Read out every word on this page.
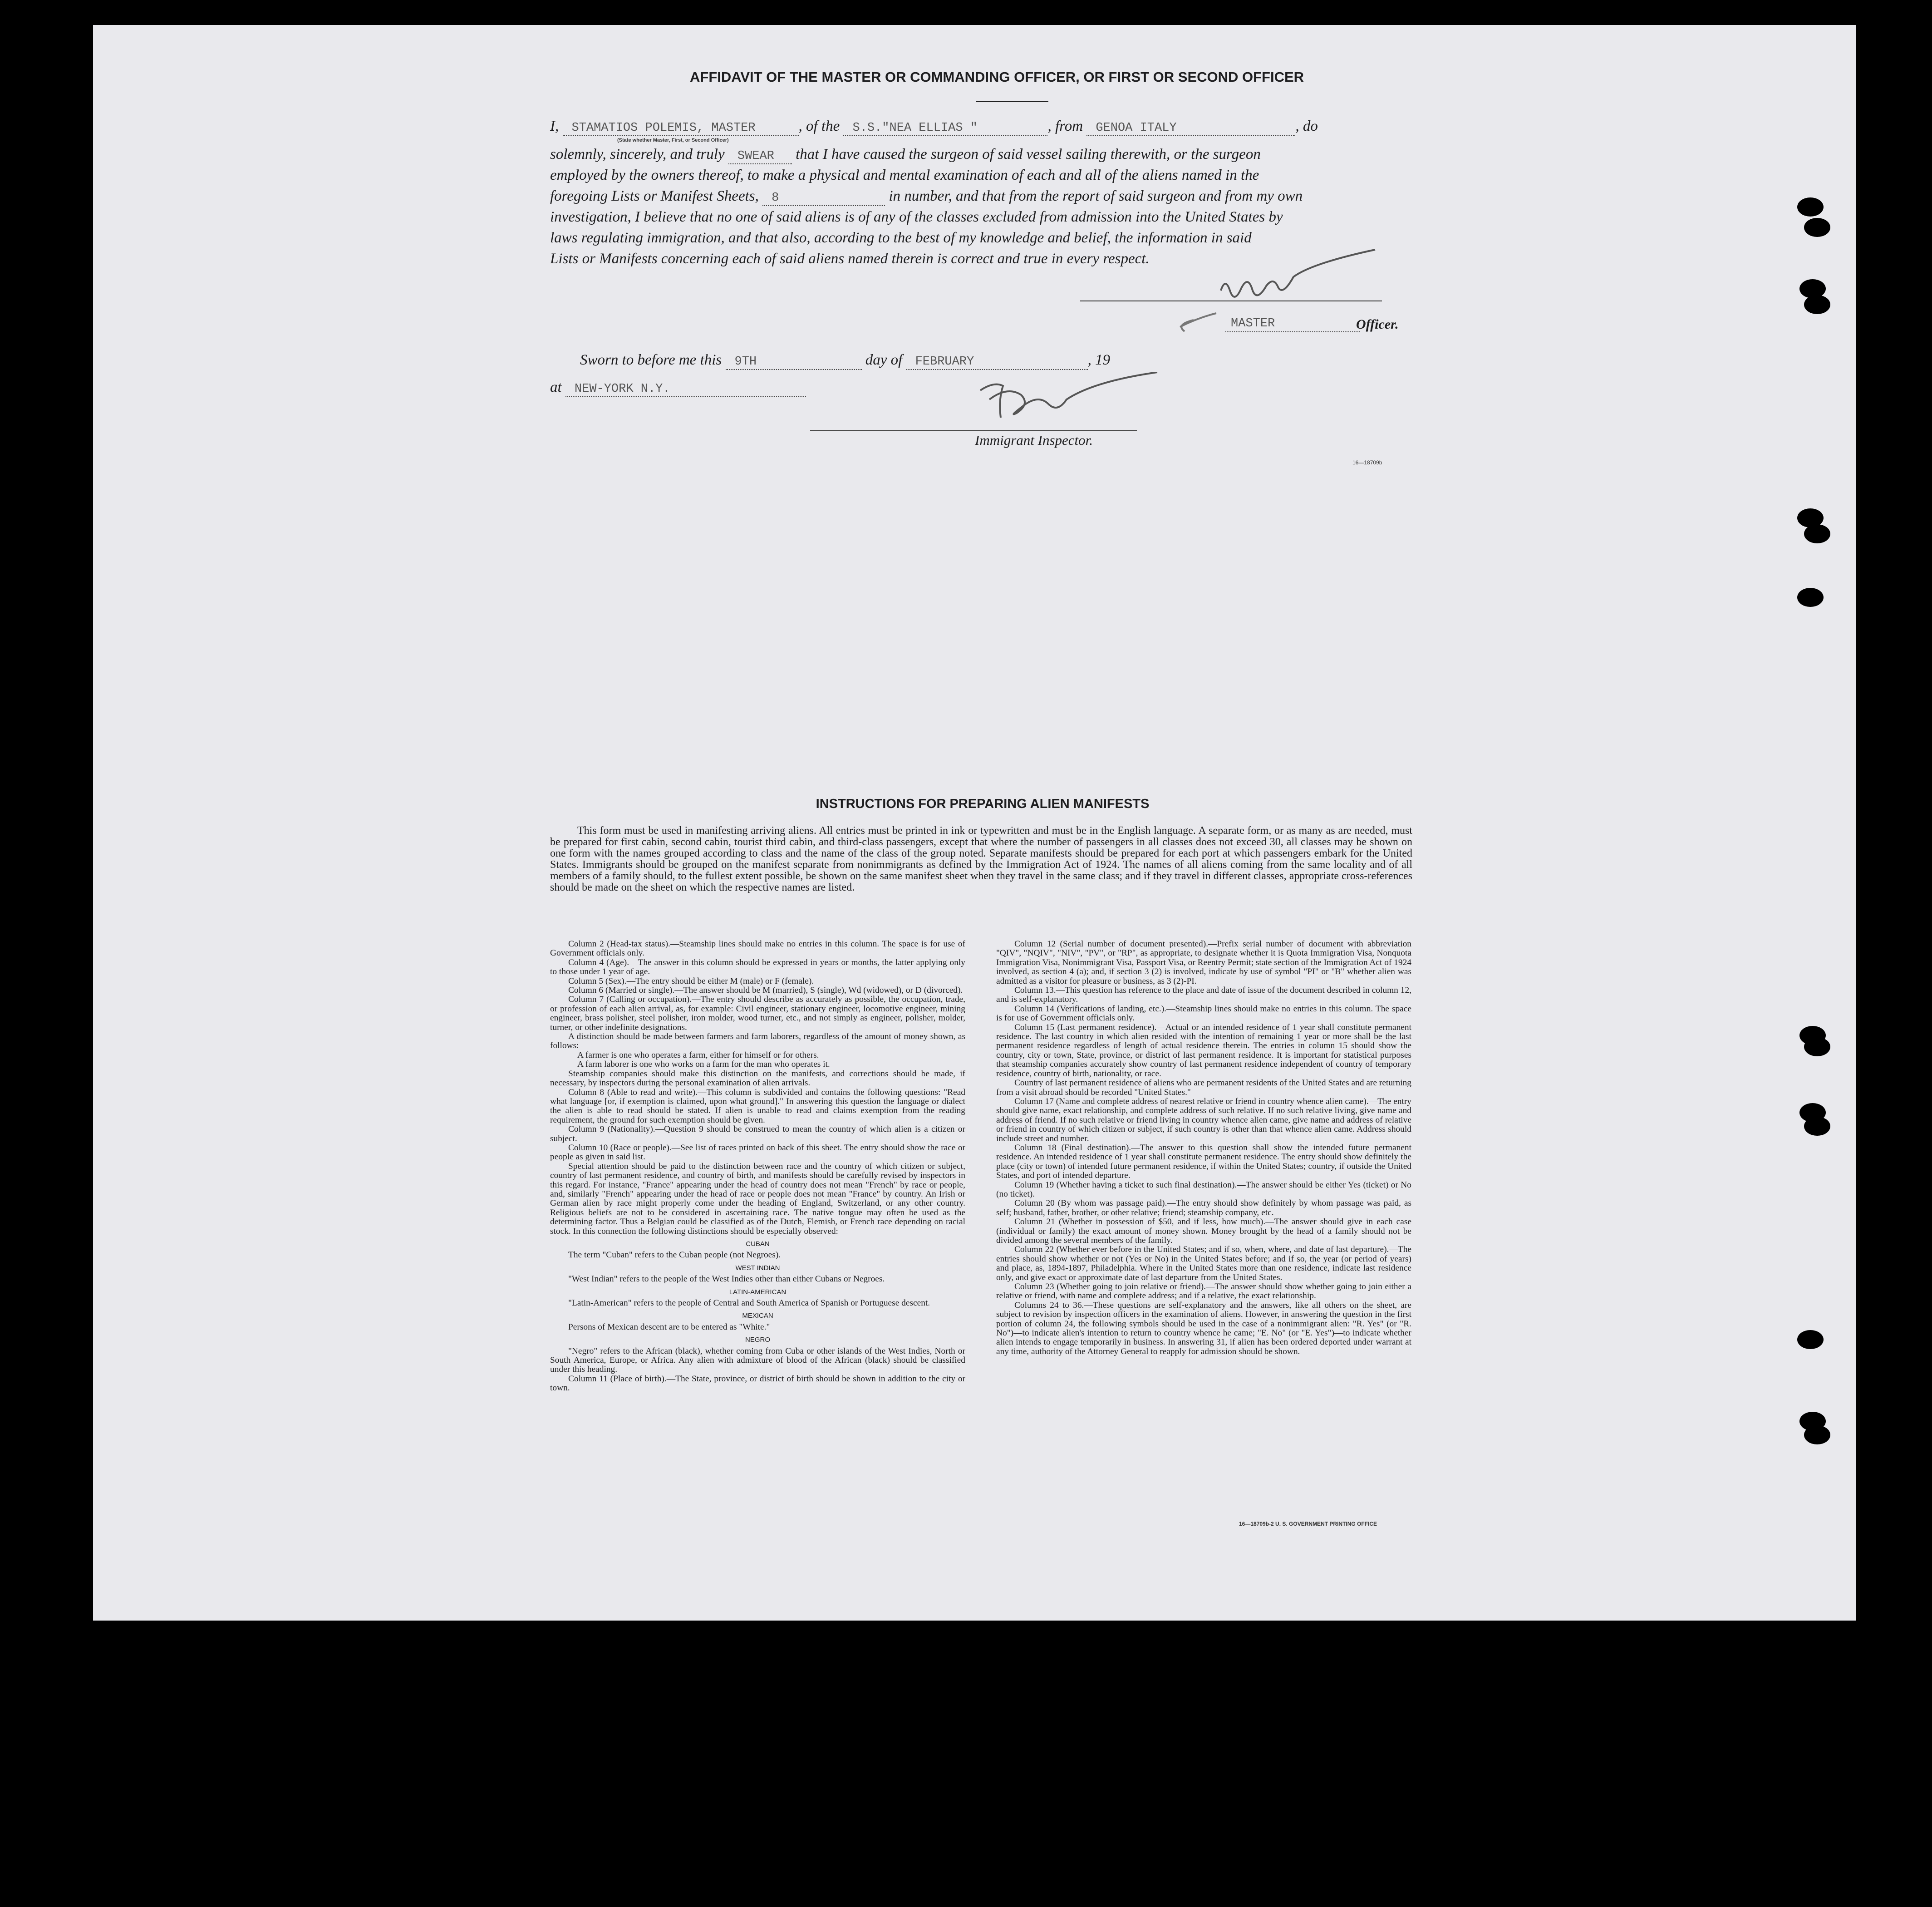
AFFIDAVIT OF THE MASTER OR COMMANDING OFFICER, OR FIRST OR SECOND OFFICER
I, STAMATIOS POLEMIS, MASTER	, of the S.S."NEA ELLIAS "	, from GENOA ITALY	, do
(State whether Master, First, or Second Officer)
solemnly, sincerely, and truly SWEAR that I have caused the surgeon of said vessel sailing therewith, or the surgeon
employed by the owners thereof, to make a physical and mental examination of each and all of the aliens named in the
foregoing Lists or Manifest Sheets, 8	in number, and that from the report of said surgeon and from my own
investigation, I believe that no one of said aliens is of any of the classes excluded from admission into the United States by
laws regulating immigration, and that also, according to the best of my knowledge and belief, the information in said
Lists or Manifests concerning each of said aliens named therein is correct and true in every respect.
MASTER	Officer.
Sworn to before me this 9TH	day of FEBRUARY	, 19
at NEW-YORK N.Y.
Immigrant Inspector.
16—18709b
INSTRUCTIONS FOR PREPARING ALIEN MANIFESTS
This form must be used in manifesting arriving aliens. All entries must be printed in ink or typewritten and must be in the English language. A separate form, or as many as are needed, must be prepared for first cabin, second cabin, tourist third cabin, and third-class passengers, except that where the number of passengers in all classes does not exceed 30, all classes may be shown on one form with the names grouped according to class and the name of the class of the group noted. Separate manifests should be prepared for each port at which passengers embark for the United States. Immigrants should be grouped on the manifest separate from nonimmigrants as defined by the Immigration Act of 1924. The names of all aliens coming from the same locality and of all members of a family should, to the fullest extent possible, be shown on the same manifest sheet when they travel in the same class; and if they travel in different classes, appropriate cross-references should be made on the sheet on which the respective names are listed.

Column 2 (Head-tax status).—Steamship lines should make no entries in this column. The space is for use of Government officials only.

Column 4 (Age).—The answer in this column should be expressed in years or months, the latter applying only to those under 1 year of age.

Column 5 (Sex).—The entry should be either M (male) or F (female).

Column 6 (Married or single).—The answer should be M (married), S (single), Wd (widowed), or D (divorced).

Column 7 (Calling or occupation).—The entry should describe as accurately as possible, the occupation, trade, or profession of each alien arrival, as, for example: Civil engineer, stationary engineer, locomotive engineer, mining engineer, brass polisher, steel polisher, iron molder, wood turner, etc., and not simply as engineer, polisher, molder, turner, or other indefinite designations.

A distinction should be made between farmers and farm laborers, regardless of the amount of money shown, as follows:

A farmer is one who operates a farm, either for himself or for others.

A farm laborer is one who works on a farm for the man who operates it.

Steamship companies should make this distinction on the manifests, and corrections should be made, if necessary, by inspectors during the personal examination of alien arrivals.

Column 8 (Able to read and write).—This column is subdivided and contains the following questions: "Read what language [or, if exemption is claimed, upon what ground]." In answering this question the language or dialect the alien is able to read should be stated. If alien is unable to read and claims exemption from the reading requirement, the ground for such exemption should be given.

Column 9 (Nationality).—Question 9 should be construed to mean the country of which alien is a citizen or subject.

Column 10 (Race or people).—See list of races printed on back of this sheet. The entry should show the race or people as given in said list.

Special attention should be paid to the distinction between race and the country of which citizen or subject, country of last permanent residence, and country of birth, and manifests should be carefully revised by inspectors in this regard. For instance, "France" appearing under the head of country does not mean "French" by race or people, and, similarly "French" appearing under the head of race or people does not mean "France" by country. An Irish or German alien by race might properly come under the heading of England, Switzerland, or any other country. Religious beliefs are not to be considered in ascertaining race. The native tongue may often be used as the determining factor. Thus a Belgian could be classified as of the Dutch, Flemish, or French race depending on racial stock. In this connection the following distinctions should be especially observed:

CUBAN

The term "Cuban" refers to the Cuban people (not Negroes).

WEST INDIAN

"West Indian" refers to the people of the West Indies other than either Cubans or Negroes.

LATIN-AMERICAN

"Latin-American" refers to the people of Central and South America of Spanish or Portuguese descent.

MEXICAN

Persons of Mexican descent are to be entered as "White."

NEGRO

"Negro" refers to the African (black), whether coming from Cuba or other islands of the West Indies, North or South America, Europe, or Africa. Any alien with admixture of blood of the African (black) should be classified under this heading.

Column 11 (Place of birth).—The State, province, or district of birth should be shown in addition to the city or town.

Column 12 (Serial number of document presented).—Prefix serial number of document with abbreviation "QIV", "NQIV", "NIV", "PV", or "RP", as appropriate, to designate whether it is Quota Immigration Visa, Nonquota Immigration Visa, Nonimmigrant Visa, Passport Visa, or Reentry Permit; state section of the Immigration Act of 1924 involved, as section 4 (a); and, if section 3 (2) is involved, indicate by use of symbol "PI" or "B" whether alien was admitted as a visitor for pleasure or business, as 3 (2)-PI.

Column 13.—This question has reference to the place and date of issue of the document described in column 12, and is self-explanatory.

Column 14 (Verifications of landing, etc.).—Steamship lines should make no entries in this column. The space is for use of Government officials only.

Column 15 (Last permanent residence).—Actual or an intended residence of 1 year shall constitute permanent residence. The last country in which alien resided with the intention of remaining 1 year or more shall be the last permanent residence regardless of length of actual residence therein. The entries in column 15 should show the country, city or town, State, province, or district of last permanent residence. It is important for statistical purposes that steamship companies accurately show country of last permanent residence independent of country of temporary residence, country of birth, nationality, or race.

Country of last permanent residence of aliens who are permanent residents of the United States and are returning from a visit abroad should be recorded "United States."

Column 17 (Name and complete address of nearest relative or friend in country whence alien came).—The entry should give name, exact relationship, and complete address of such relative. If no such relative living, give name and address of friend. If no such relative or friend living in country whence alien came, give name and address of relative or friend in country of which citizen or subject, if such country is other than that whence alien came. Address should include street and number.

Column 18 (Final destination).—The answer to this question shall show the intended future permanent residence. An intended residence of 1 year shall constitute permanent residence. The entry should show definitely the place (city or town) of intended future permanent residence, if within the United States; country, if outside the United States, and port of intended departure.

Column 19 (Whether having a ticket to such final destination).—The answer should be either Yes (ticket) or No (no ticket).

Column 20 (By whom was passage paid).—The entry should show definitely by whom passage was paid, as self; husband, father, brother, or other relative; friend; steamship company, etc.

Column 21 (Whether in possession of $50, and if less, how much).—The answer should give in each case (individual or family) the exact amount of money shown. Money brought by the head of a family should not be divided among the several members of the family.

Column 22 (Whether ever before in the United States; and if so, when, where, and date of last departure).—The entries should show whether or not (Yes or No) in the United States before; and if so, the year (or period of years) and place, as, 1894-1897, Philadelphia. Where in the United States more than one residence, indicate last residence only, and give exact or approximate date of last departure from the United States.

Column 23 (Whether going to join relative or friend).—The answer should show whether going to join either a relative or friend, with name and complete address; and if a relative, the exact relationship.

Columns 24 to 36.—These questions are self-explanatory and the answers, like all others on the sheet, are subject to revision by inspection officers in the examination of aliens. However, in answering the question in the first portion of column 24, the following symbols should be used in the case of a nonimmigrant alien: "R. Yes" (or "R. No")—to indicate alien's intention to return to country whence he came; "E. No" (or "E. Yes")—to indicate whether alien intends to engage temporarily in business. In answering 31, if alien has been ordered deported under warrant at any time, authority of the Attorney General to reapply for admission should be shown.

16—18709b-2 U. S. GOVERNMENT PRINTING OFFICE
